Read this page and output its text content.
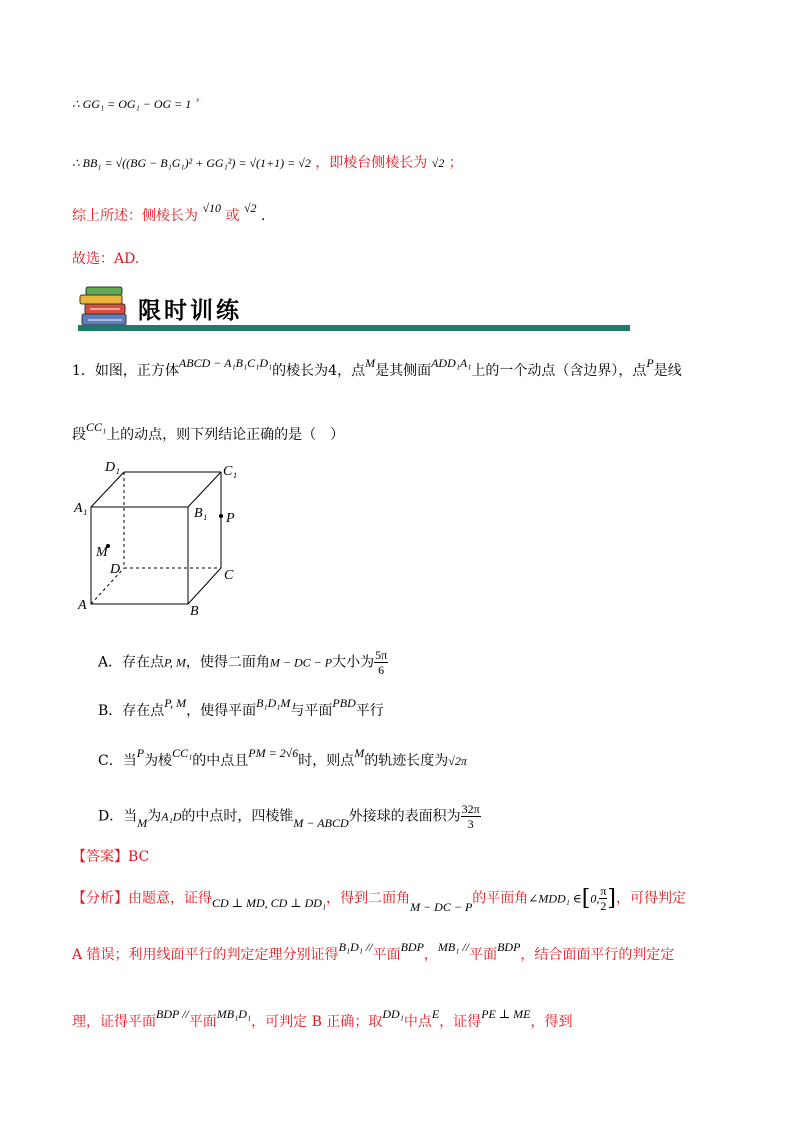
∴ GG₁ = OG₁ − OG = 1 ,
∴ BB₁ = √((BG − B₁G₁)² + GG₁²) = √(1+1) = √2 ，即棱台侧棱长为 √2 ；
综上所述：侧棱长为 √10 或 √2 .
故选：AD.
限时训练
1．如图，正方体ABCD − A₁B₁C₁D₁的棱长为4，点M是其侧面ADD₁A₁上的一个动点（含边界），点P是线
段CC₁上的动点，则下列结论正确的是（　）
D₁	C₁
A₁	B₁ P
M
D	C
A	B
A．存在点P, M，使得二面角M − DC − P大小为 $\frac{5\pi}{6}$
B．存在点P, M，使得平面B₁D₁M与平面PBD平行
C．当P为棱CC₁的中点且PM = 2√6时，则点M的轨迹长度为√2π
D．当M为A₁D的中点时，四棱锥M − ABCD外接球的表面积为 $\frac{32\pi}{3}$
【答案】BC
【分析】由题意，证得CD ⊥ MD, CD ⊥ DD₁，得到二面角M − DC − P的平面角∠MDD₁ ∈[0, $\frac{\pi}{2}$ ]，可得判定
A 错误；利用线面平行的判定定理分别证得B₁D₁ //平面BDP，MB₁ //平面BDP，结合面面平行的判定定
理，证得平面BDP //平面MB₁D₁，可判定 B 正确；取DD₁中点E，证得PE ⊥ ME，得到
